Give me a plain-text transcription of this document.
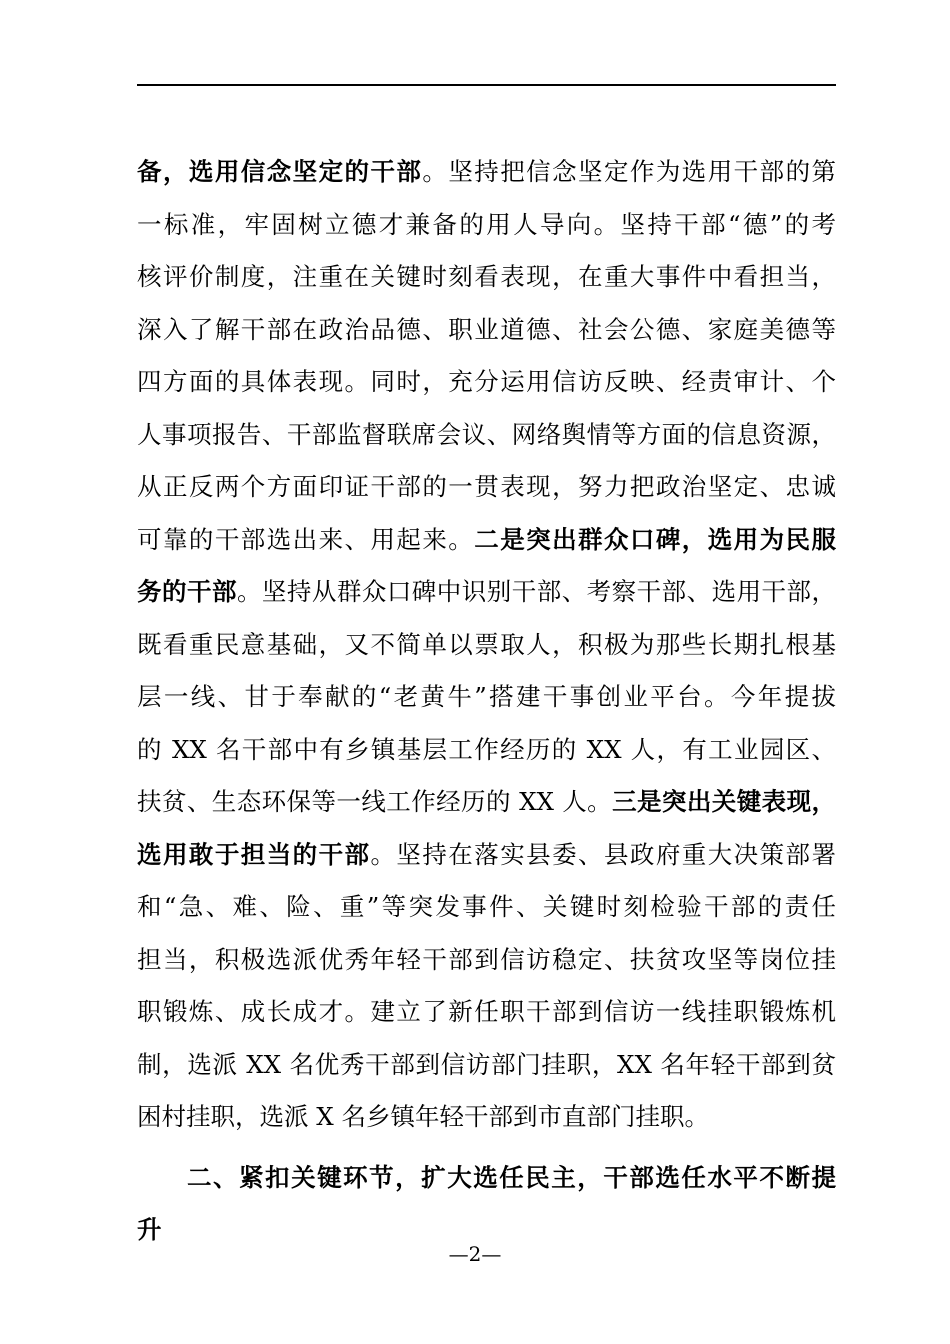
备，选用信念坚定的干部。坚持把信念坚定作为选用干部的第
一标准，牢固树立德才兼备的用人导向。坚持干部“德”的考
核评价制度，注重在关键时刻看表现，在重大事件中看担当，
深入了解干部在政治品德、职业道德、社会公德、家庭美德等
四方面的具体表现。同时，充分运用信访反映、经责审计、个
人事项报告、干部监督联席会议、网络舆情等方面的信息资源，
从正反两个方面印证干部的一贯表现，努力把政治坚定、忠诚
可靠的干部选出来、用起来。二是突出群众口碑，选用为民服
务的干部。坚持从群众口碑中识别干部、考察干部、选用干部，
既看重民意基础，又不简单以票取人，积极为那些长期扎根基
层一线、甘于奉献的“老黄牛”搭建干事创业平台。今年提拔
的 XX 名干部中有乡镇基层工作经历的 XX 人，有工业园区、
扶贫、生态环保等一线工作经历的 XX 人。三是突出关键表现，
选用敢于担当的干部。坚持在落实县委、县政府重大决策部署
和“急、难、险、重”等突发事件、关键时刻检验干部的责任
担当，积极选派优秀年轻干部到信访稳定、扶贫攻坚等岗位挂
职锻炼、成长成才。建立了新任职干部到信访一线挂职锻炼机
制，选派 XX 名优秀干部到信访部门挂职，XX 名年轻干部到贫
困村挂职，选派 X 名乡镇年轻干部到市直部门挂职。
二、紧扣关键环节，扩大选任民主，干部选任水平不断提
升
—2—
